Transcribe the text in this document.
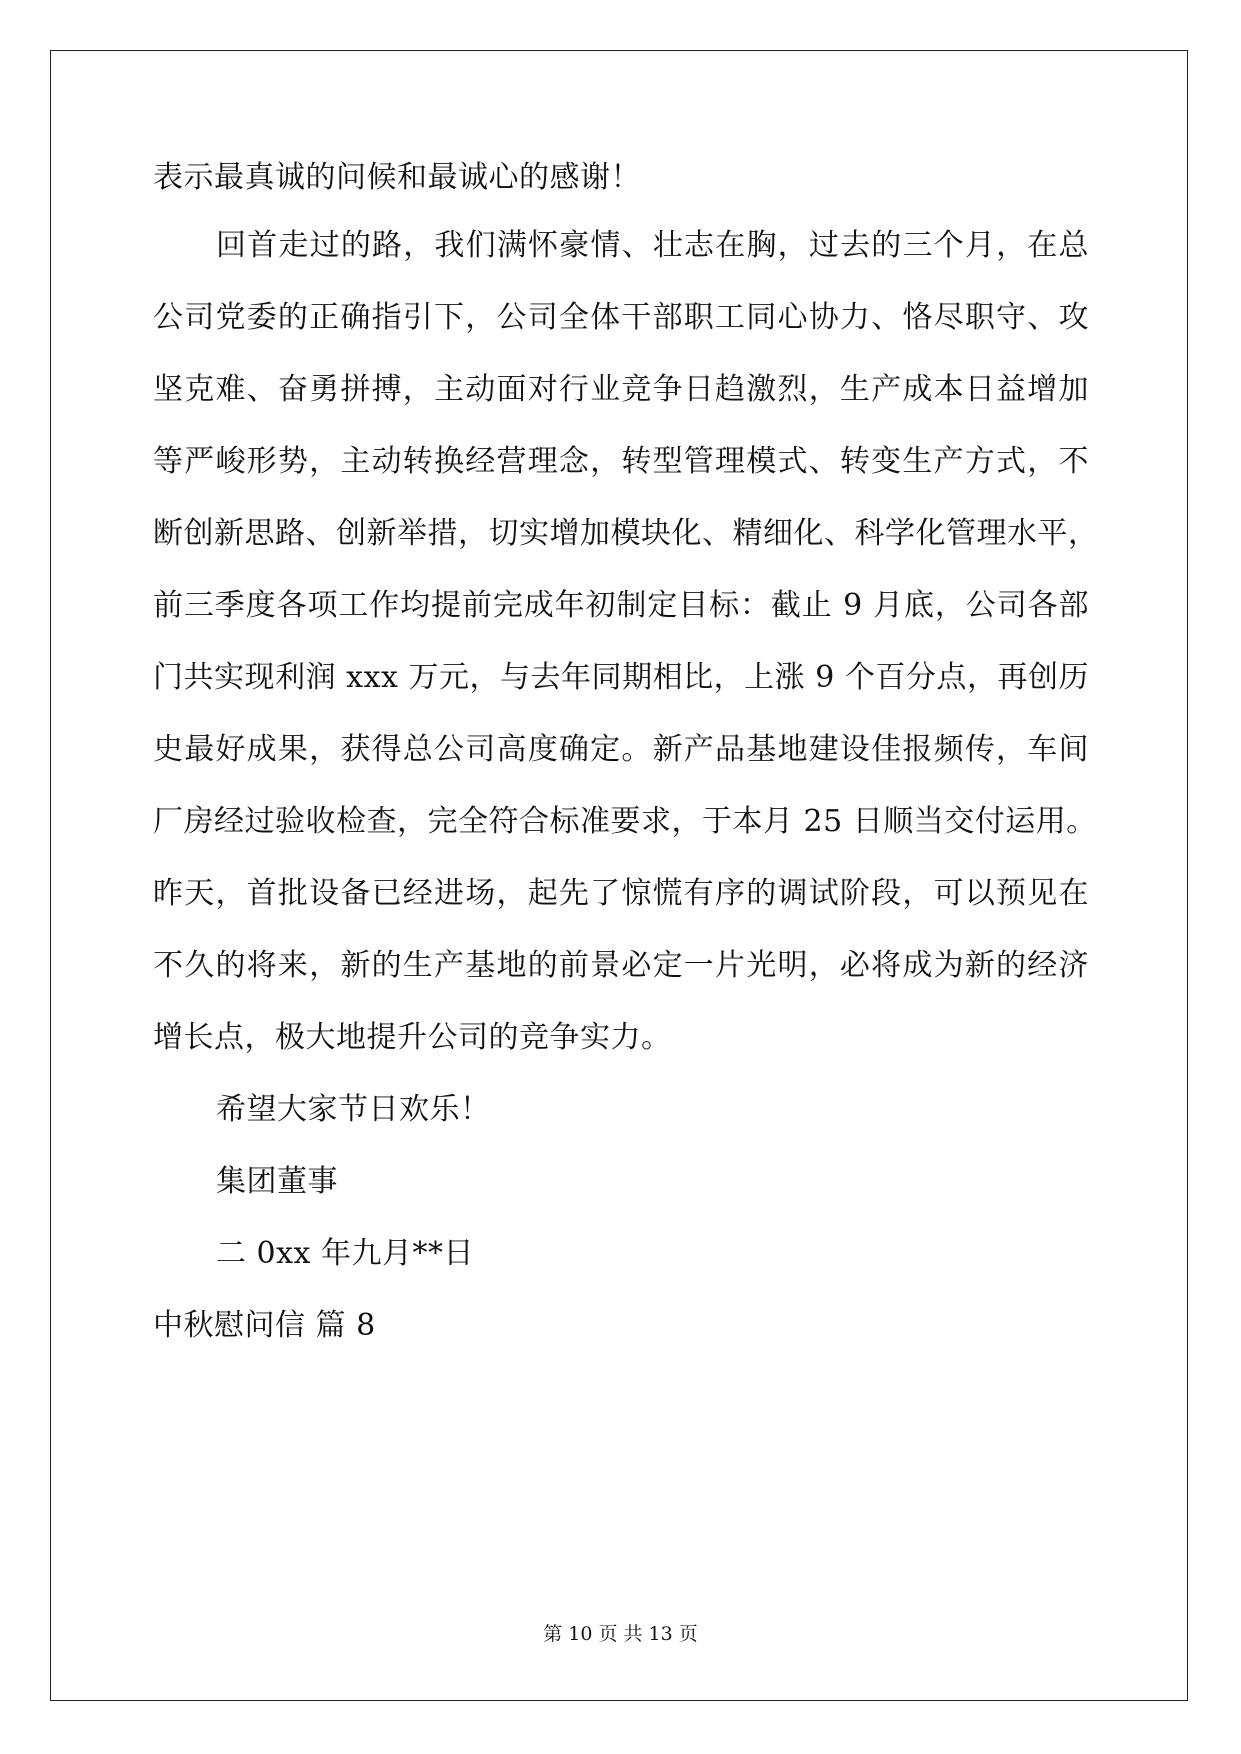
表示最真诚的问候和最诚心的感谢！
回首走过的路，我们满怀豪情、壮志在胸，过去的三个月，在总
公司党委的正确指引下，公司全体干部职工同心协力、恪尽职守、攻
坚克难、奋勇拼搏，主动面对行业竞争日趋激烈，生产成本日益增加
等严峻形势，主动转换经营理念，转型管理模式、转变生产方式，不
断创新思路、创新举措，切实增加模块化、精细化、科学化管理水平，
前三季度各项工作均提前完成年初制定目标：截止 9 月底，公司各部
门共实现利润 xxx 万元，与去年同期相比，上涨 9 个百分点，再创历
史最好成果，获得总公司高度确定。新产品基地建设佳报频传，车间
厂房经过验收检查，完全符合标准要求，于本月 25 日顺当交付运用。
昨天，首批设备已经进场，起先了惊慌有序的调试阶段，可以预见在
不久的将来，新的生产基地的前景必定一片光明，必将成为新的经济
增长点，极大地提升公司的竞争实力。
希望大家节日欢乐！
集团董事
二 0xx 年九月**日
中秋慰问信 篇 8
第 10 页 共 13 页
